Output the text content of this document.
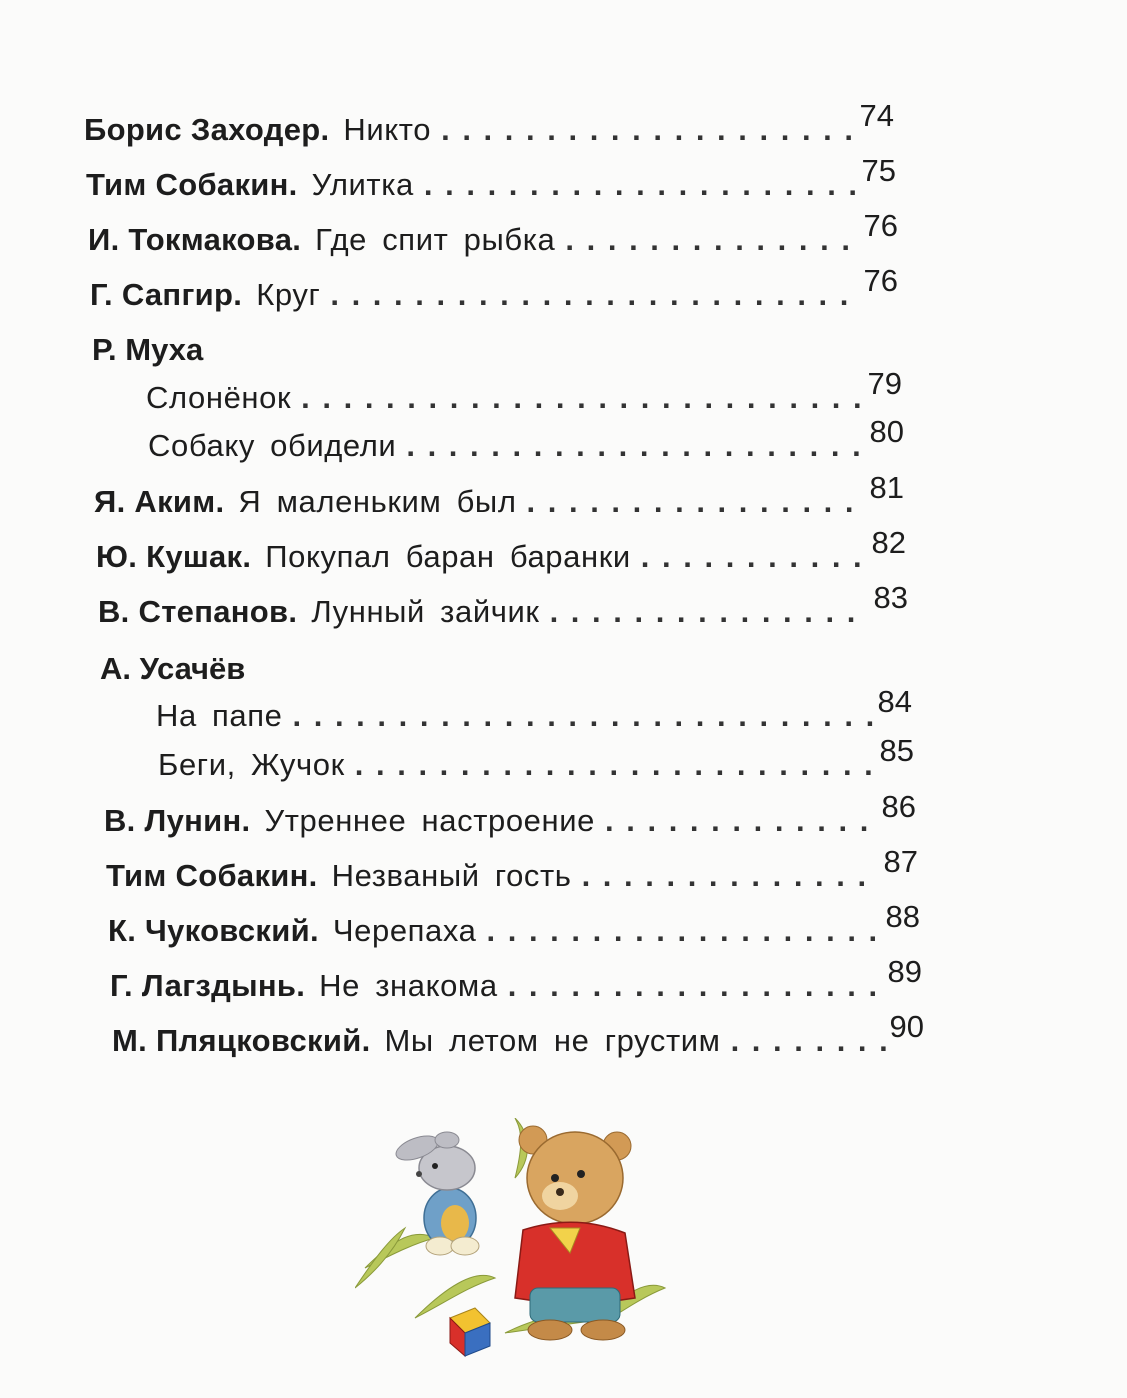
Борис Заходер. Никто . . .	74
Тим Собакин. Улитка . . .	75
И. Токмакова. Где спит рыбка . . .	76
Г. Сапгир. Круг . . .	76
Р. Муха
Слонёнок . . .	79
Собаку обидели . . .	80
Я. Аким. Я маленьким был . . .	81
Ю. Кушак. Покупал баран баранки . . .	82
В. Степанов. Лунный зайчик . . .	83
А. Усачёв
На папе . . .	84
Беги, Жучок . . .	85
В. Лунин. Утреннее настроение . . .	86
Тим Собакин. Незваный гость . . .	87
К. Чуковский. Черепаха . . .	88
Г. Лагздынь. Не знакома . . .	89
М. Пляцковский. Мы летом не грустим . . .	90
